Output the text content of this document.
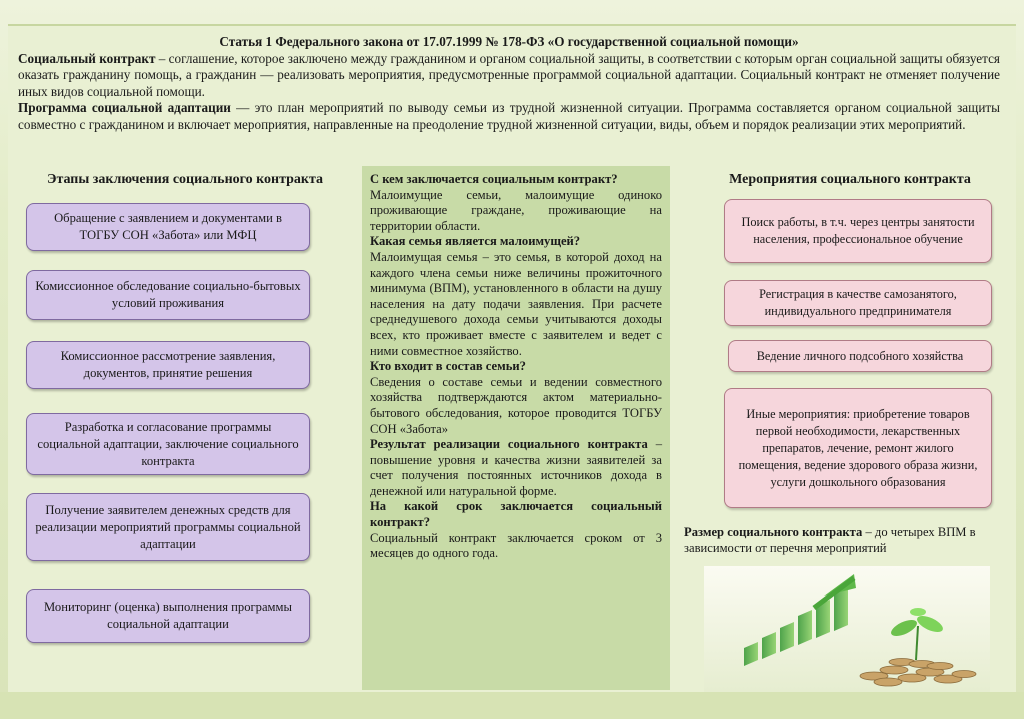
Статья 1 Федерального закона от 17.07.1999 № 178-ФЗ «О государственной социальной помощи»

Социальный контракт – соглашение, которое заключено между гражданином и органом социальной защиты, в соответствии с которым орган социальной защиты обязуется оказать гражданину помощь, а гражданин — реализовать мероприятия, предусмотренные программой социальной адаптации. Социальный контракт не отменяет получение иных видов социальной помощи.

Программа социальной адаптации — это план мероприятий по выводу семьи из трудной жизненной ситуации. Программа составляется органом социальной защиты совместно с гражданином и включает мероприятия, направленные на преодоление трудной жизненной ситуации, виды, объем и порядок реализации этих мероприятий.

Этапы заключения социального контракта
Обращение с заявлением и документами в ТОГБУ СОН «Забота» или МФЦ
Комиссионное обследование социально-бытовых условий проживания
Комиссионное рассмотрение заявления, документов, принятие решения
Разработка и согласование программы социальной адаптации, заключение социального контракта
Получение заявителем денежных средств для реализации мероприятий программы социальной адаптации
Мониторинг (оценка) выполнения программы социальной адаптации

С кем заключается социальным контракт?

Малоимущие семьи, малоимущие одиноко проживающие граждане, проживающие на территории области.

Какая семья является малоимущей?

Малоимущая семья – это семья, в которой доход на каждого члена семьи ниже величины прожиточного минимума (ВПМ), установленного в области на душу населения на дату подачи заявления. При расчете среднедушевого дохода семьи учитываются доходы всех, кто проживает вместе с заявителем и ведет с ними совместное хозяйство.

Кто входит в состав семьи?

Сведения о составе семьи и ведении совместного хозяйства подтверждаются актом материально-бытового обследования, которое проводится ТОГБУ СОН «Забота»

Результат реализации социального контракта – повышение уровня и качества жизни заявителей за счет получения постоянных источников дохода в денежной или натуральной форме.

На какой срок заключается социальный контракт?

Социальный контракт заключается сроком от 3 месяцев до одного года.

Мероприятия социального контракта
Поиск работы, в т.ч. через центры занятости населения, профессиональное обучение
Регистрация в качестве самозанятого, индивидуального предпринимателя
Ведение личного подсобного хозяйства
Иные мероприятия: приобретение товаров первой необходимости, лекарственных препаратов, лечение, ремонт жилого помещения, ведение здорового образа жизни, услуги дошкольного образования
Размер социального контракта – до четырех ВПМ в зависимости от перечня мероприятий
